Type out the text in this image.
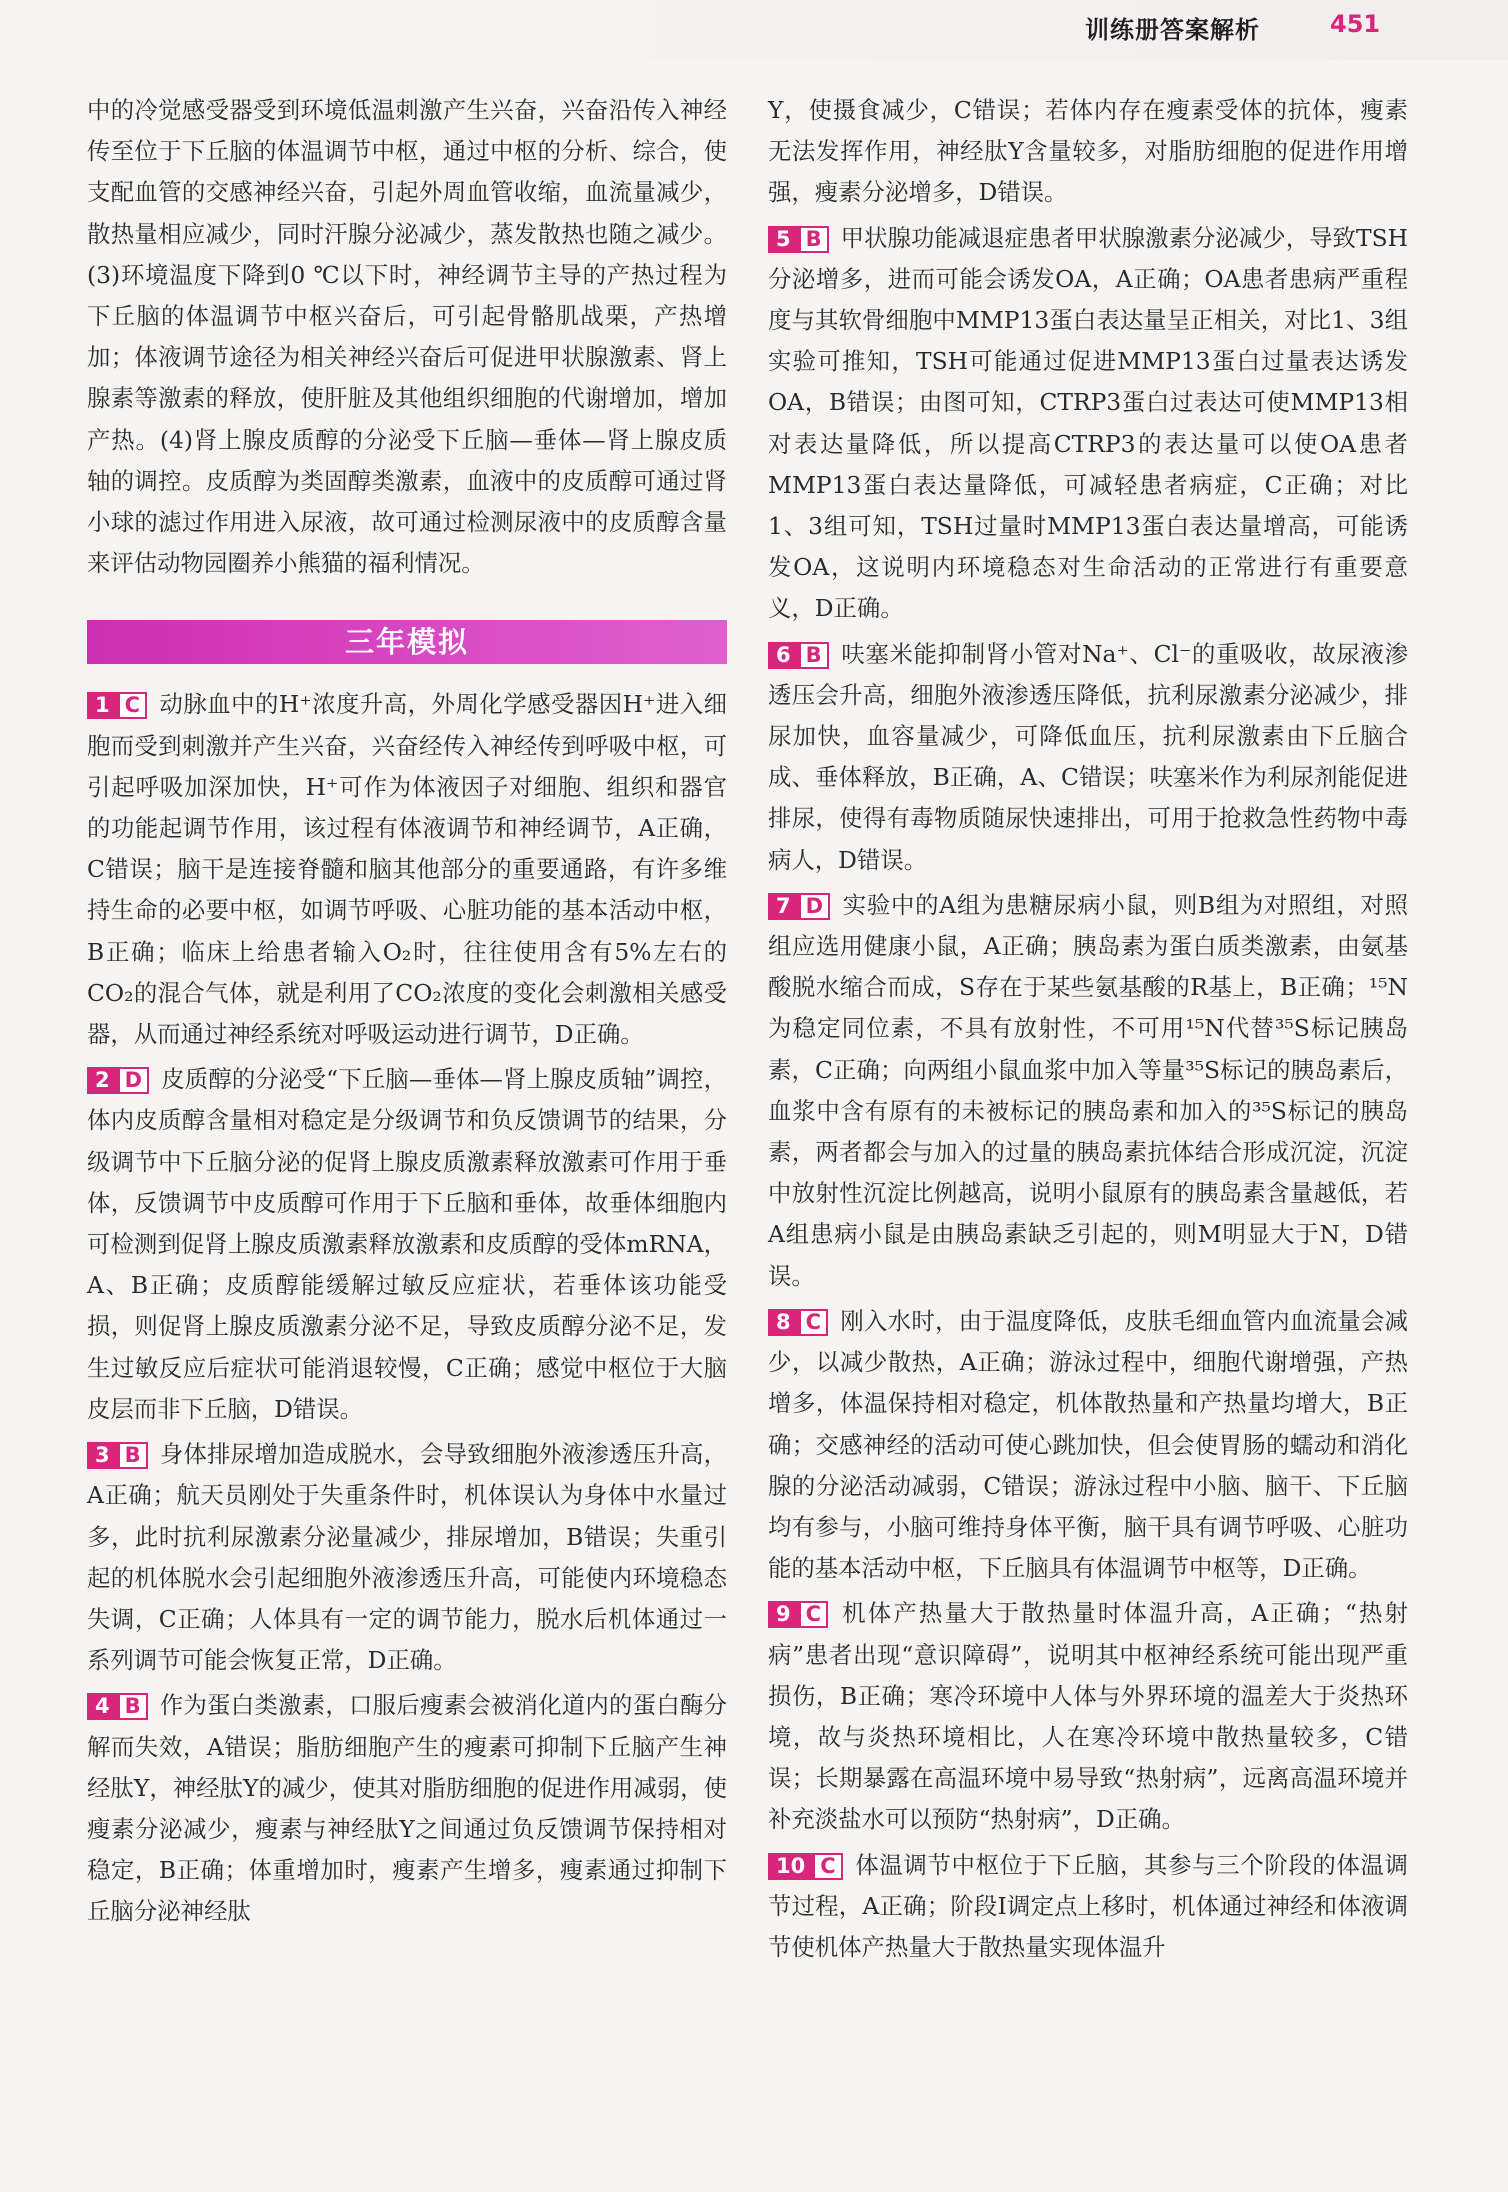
训练册答案解析	451

中的冷觉感受器受到环境低温刺激产生兴奋，兴奋沿传入神经传至位于下丘脑的体温调节中枢，通过中枢的分析、综合，使支配血管的交感神经兴奋，引起外周血管收缩，血流量减少，散热量相应减少，同时汗腺分泌减少，蒸发散热也随之减少。(3)环境温度下降到0 ℃以下时，神经调节主导的产热过程为下丘脑的体温调节中枢兴奋后，可引起骨骼肌战栗，产热增加；体液调节途径为相关神经兴奋后可促进甲状腺激素、肾上腺素等激素的释放，使肝脏及其他组织细胞的代谢增加，增加产热。(4)肾上腺皮质醇的分泌受下丘脑—垂体—肾上腺皮质轴的调控。皮质醇为类固醇类激素，血液中的皮质醇可通过肾小球的滤过作用进入尿液，故可通过检测尿液中的皮质醇含量来评估动物园圈养小熊猫的福利情况。

三年模拟

1 C 动脉血中的H⁺浓度升高，外周化学感受器因H⁺进入细胞而受到刺激并产生兴奋，兴奋经传入神经传到呼吸中枢，可引起呼吸加深加快，H⁺可作为体液因子对细胞、组织和器官的功能起调节作用，该过程有体液调节和神经调节，A正确，C错误；脑干是连接脊髓和脑其他部分的重要通路，有许多维持生命的必要中枢，如调节呼吸、心脏功能的基本活动中枢，B正确；临床上给患者输入O₂时，往往使用含有5%左右的CO₂的混合气体，就是利用了CO₂浓度的变化会刺激相关感受器，从而通过神经系统对呼吸运动进行调节，D正确。

2 D 皮质醇的分泌受“下丘脑—垂体—肾上腺皮质轴”调控，体内皮质醇含量相对稳定是分级调节和负反馈调节的结果，分级调节中下丘脑分泌的促肾上腺皮质激素释放激素可作用于垂体，反馈调节中皮质醇可作用于下丘脑和垂体，故垂体细胞内可检测到促肾上腺皮质激素释放激素和皮质醇的受体mRNA，A、B正确；皮质醇能缓解过敏反应症状，若垂体该功能受损，则促肾上腺皮质激素分泌不足，导致皮质醇分泌不足，发生过敏反应后症状可能消退较慢，C正确；感觉中枢位于大脑皮层而非下丘脑，D错误。

3 B 身体排尿增加造成脱水，会导致细胞外液渗透压升高，A正确；航天员刚处于失重条件时，机体误认为身体中水量过多，此时抗利尿激素分泌量减少，排尿增加，B错误；失重引起的机体脱水会引起细胞外液渗透压升高，可能使内环境稳态失调，C正确；人体具有一定的调节能力，脱水后机体通过一系列调节可能会恢复正常，D正确。

4 B 作为蛋白类激素，口服后瘦素会被消化道内的蛋白酶分解而失效，A错误；脂肪细胞产生的瘦素可抑制下丘脑产生神经肽Y，神经肽Y的减少，使其对脂肪细胞的促进作用减弱，使瘦素分泌减少，瘦素与神经肽Y之间通过负反馈调节保持相对稳定，B正确；体重增加时，瘦素产生增多，瘦素通过抑制下丘脑分泌神经肽

Y，使摄食减少，C错误；若体内存在瘦素受体的抗体，瘦素无法发挥作用，神经肽Y含量较多，对脂肪细胞的促进作用增强，瘦素分泌增多，D错误。

5 B 甲状腺功能减退症患者甲状腺激素分泌减少，导致TSH分泌增多，进而可能会诱发OA，A正确；OA患者患病严重程度与其软骨细胞中MMP13蛋白表达量呈正相关，对比1、3组实验可推知，TSH可能通过促进MMP13蛋白过量表达诱发OA，B错误；由图可知，CTRP3蛋白过表达可使MMP13相对表达量降低，所以提高CTRP3的表达量可以使OA患者MMP13蛋白表达量降低，可减轻患者病症，C正确；对比1、3组可知，TSH过量时MMP13蛋白表达量增高，可能诱发OA，这说明内环境稳态对生命活动的正常进行有重要意义，D正确。

6 B 呋塞米能抑制肾小管对Na⁺、Cl⁻的重吸收，故尿液渗透压会升高，细胞外液渗透压降低，抗利尿激素分泌减少，排尿加快，血容量减少，可降低血压，抗利尿激素由下丘脑合成、垂体释放，B正确，A、C错误；呋塞米作为利尿剂能促进排尿，使得有毒物质随尿快速排出，可用于抢救急性药物中毒病人，D错误。

7 D 实验中的A组为患糖尿病小鼠，则B组为对照组，对照组应选用健康小鼠，A正确；胰岛素为蛋白质类激素，由氨基酸脱水缩合而成，S存在于某些氨基酸的R基上，B正确；¹⁵N为稳定同位素，不具有放射性，不可用¹⁵N代替³⁵S标记胰岛素，C正确；向两组小鼠血浆中加入等量³⁵S标记的胰岛素后，血浆中含有原有的未被标记的胰岛素和加入的³⁵S标记的胰岛素，两者都会与加入的过量的胰岛素抗体结合形成沉淀，沉淀中放射性沉淀比例越高，说明小鼠原有的胰岛素含量越低，若A组患病小鼠是由胰岛素缺乏引起的，则M明显大于N，D错误。

8 C 刚入水时，由于温度降低，皮肤毛细血管内血流量会减少，以减少散热，A正确；游泳过程中，细胞代谢增强，产热增多，体温保持相对稳定，机体散热量和产热量均增大，B正确；交感神经的活动可使心跳加快，但会使胃肠的蠕动和消化腺的分泌活动减弱，C错误；游泳过程中小脑、脑干、下丘脑均有参与，小脑可维持身体平衡，脑干具有调节呼吸、心脏功能的基本活动中枢，下丘脑具有体温调节中枢等，D正确。

9 C 机体产热量大于散热量时体温升高，A正确；“热射病”患者出现“意识障碍”，说明其中枢神经系统可能出现严重损伤，B正确；寒冷环境中人体与外界环境的温差大于炎热环境，故与炎热环境相比，人在寒冷环境中散热量较多，C错误；长期暴露在高温环境中易导致“热射病”，远离高温环境并补充淡盐水可以预防“热射病”，D正确。

10 C 体温调节中枢位于下丘脑，其参与三个阶段的体温调节过程，A正确；阶段Ⅰ调定点上移时，机体通过神经和体液调节使机体产热量大于散热量实现体温升
